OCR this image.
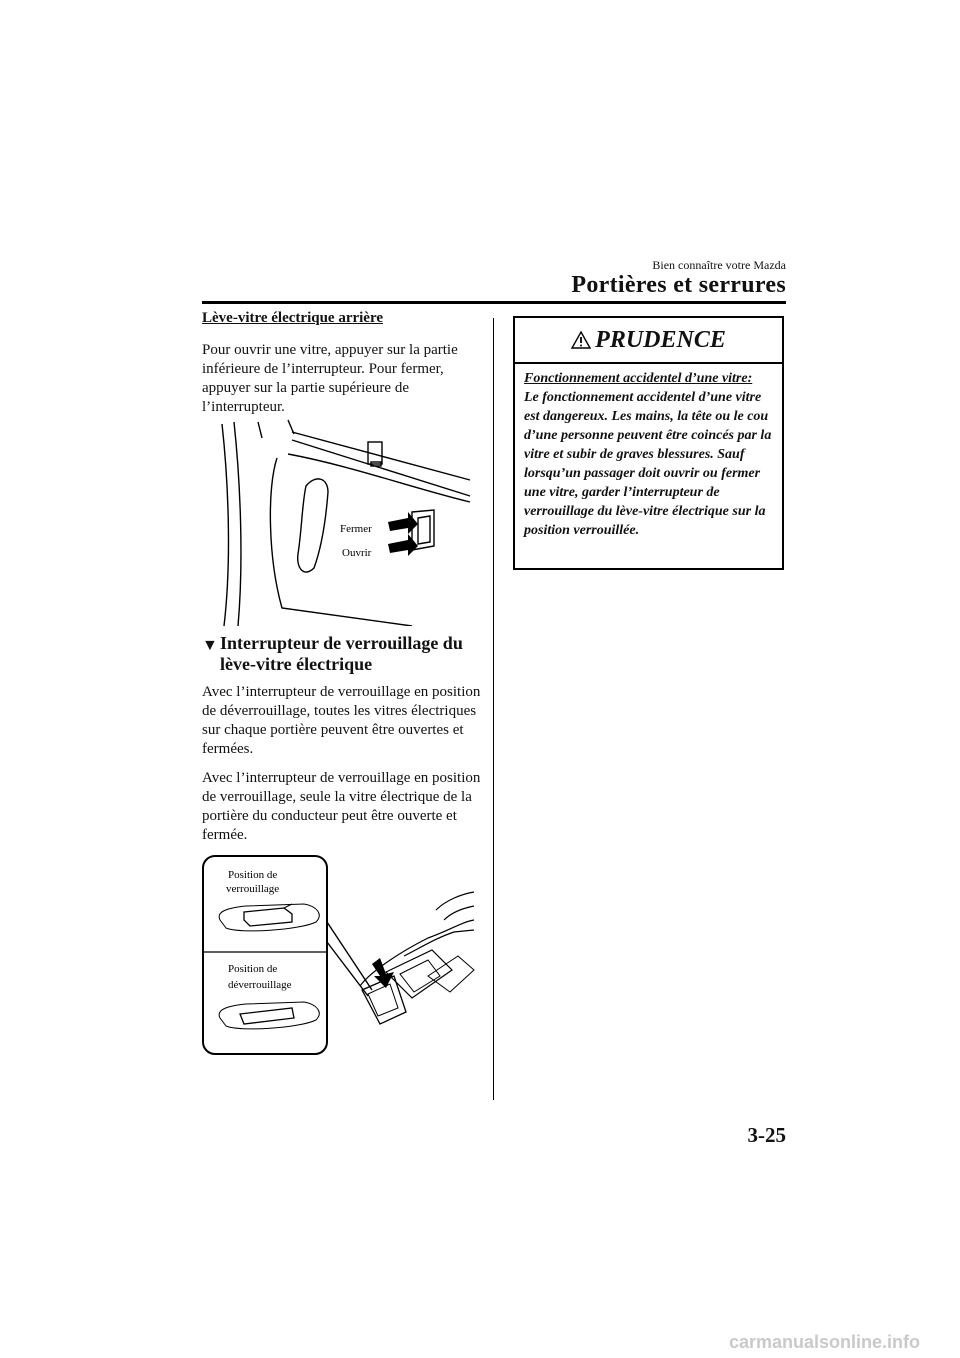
Bien connaître votre Mazda
Portières et serrures
Lève-vitre électrique arrière
Pour ouvrir une vitre, appuyer sur la partie inférieure de l’interrupteur. Pour fermer, appuyer sur la partie supérieure de l’interrupteur.
Fermer
Ouvrir
▼ Interrupteur de verrouillage du lève-vitre électrique
Avec l’interrupteur de verrouillage en position de déverrouillage, toutes les vitres électriques sur chaque portière peuvent être ouvertes et fermées.
Avec l’interrupteur de verrouillage en position de verrouillage, seule la vitre électrique de la portière du conducteur peut être ouverte et fermée.
Position de
verrouillage
Position de
déverrouillage
PRUDENCE
Fonctionnement accidentel d’une vitre:
Le fonctionnement accidentel d’une vitre est dangereux. Les mains, la tête ou le cou d’une personne peuvent être coincés par la vitre et subir de graves blessures. Sauf lorsqu’un passager doit ouvrir ou fermer une vitre, garder l’interrupteur de verrouillage du lève-vitre électrique sur la position verrouillée.
3-25
carmanualsonline.info
